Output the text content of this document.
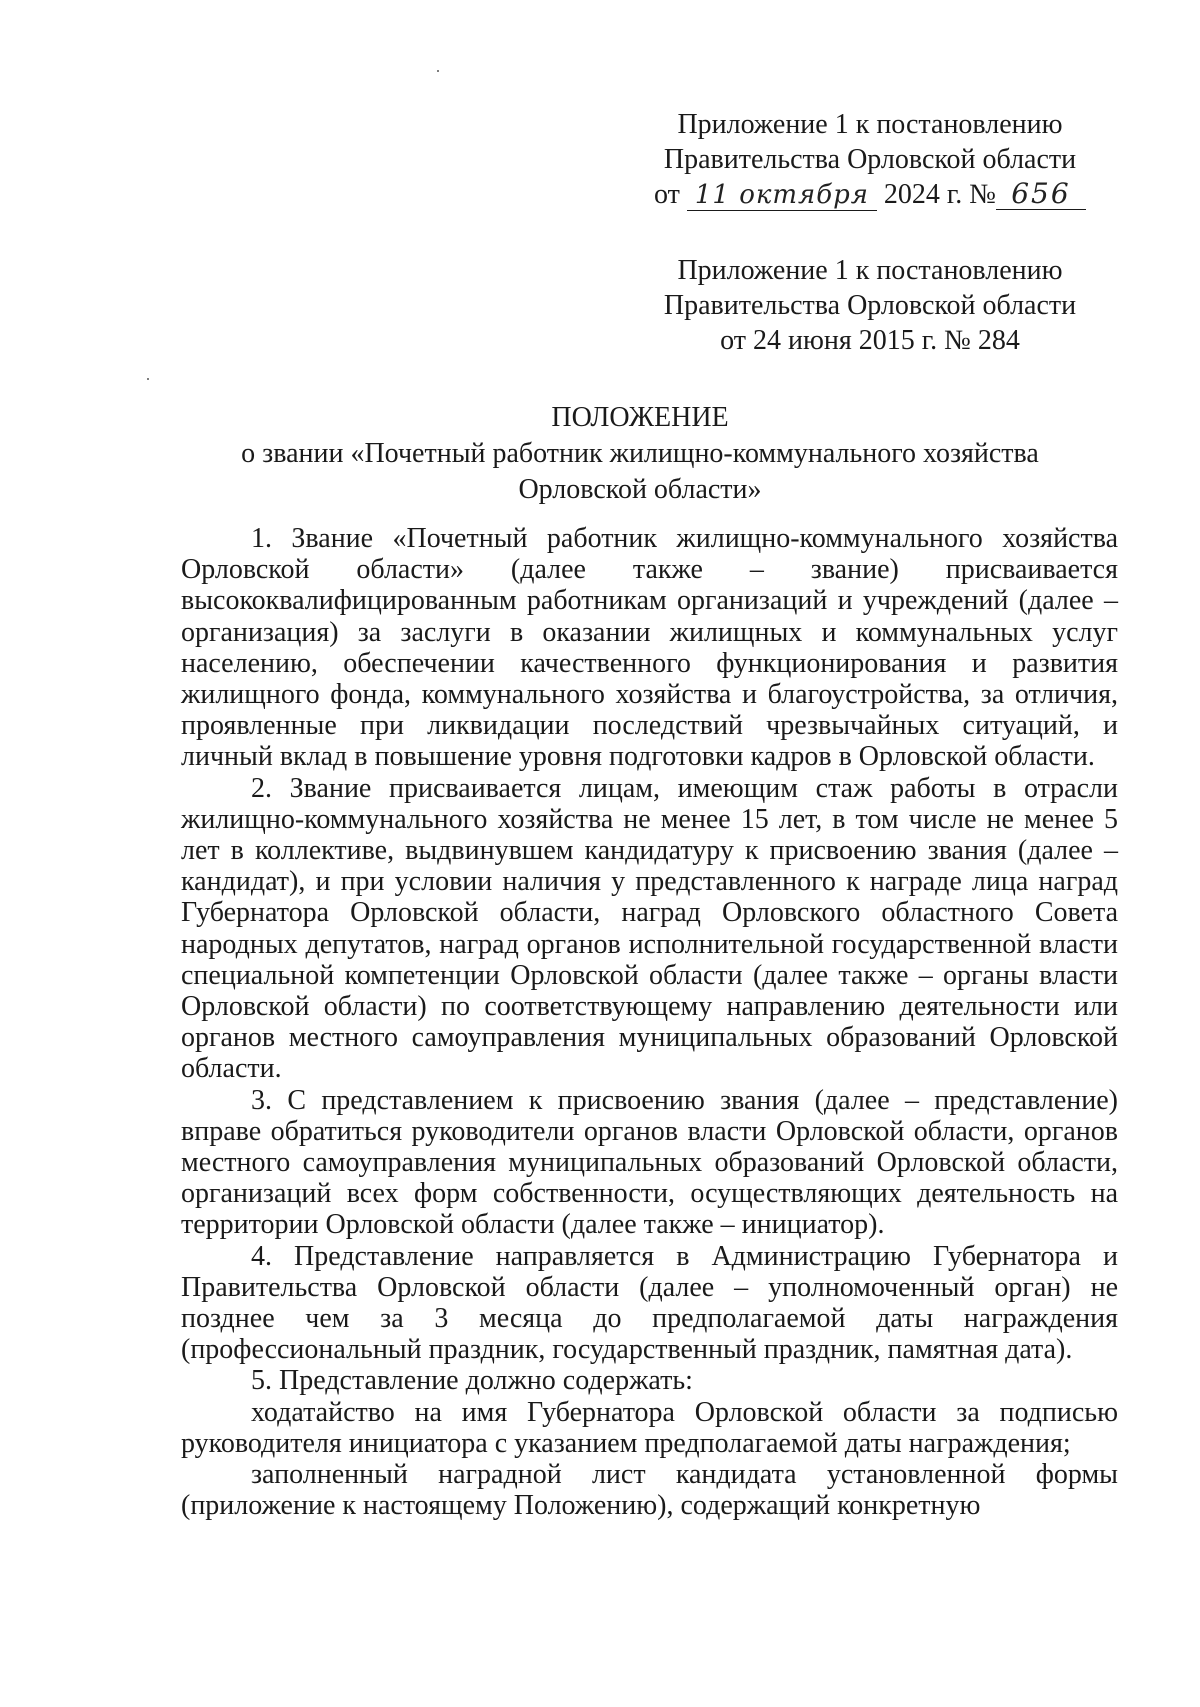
Приложение 1 к постановлению
Правительства Орловской области
от 11 октября 2024 г. № 656
Приложение 1 к постановлению
Правительства Орловской области
от 24 июня 2015 г. № 284
ПОЛОЖЕНИЕ
о звании «Почетный работник жилищно-коммунального хозяйства
Орловской области»

1. Звание «Почетный работник жилищно-коммунального хозяйства Орловской области» (далее также – звание) присваивается высококвалифицированным работникам организаций и учреждений (далее – организация) за заслуги в оказании жилищных и коммунальных услуг населению, обеспечении качественного функционирования и развития жилищного фонда, коммунального хозяйства и благоустройства, за отличия, проявленные при ликвидации последствий чрезвычайных ситуаций, и личный вклад в повышение уровня подготовки кадров в Орловской области.

2. Звание присваивается лицам, имеющим стаж работы в отрасли жилищно-коммунального хозяйства не менее 15 лет, в том числе не менее 5 лет в коллективе, выдвинувшем кандидатуру к присвоению звания (далее – кандидат), и при условии наличия у представленного к награде лица наград Губернатора Орловской области, наград Орловского областного Совета народных депутатов, наград органов исполнительной государственной власти специальной компетенции Орловской области (далее также – органы власти Орловской области) по соответствующему направлению деятельности или органов местного самоуправления муниципальных образований Орловской области.

3. С представлением к присвоению звания (далее – представление) вправе обратиться руководители органов власти Орловской области, органов местного самоуправления муниципальных образований Орловской области, организаций всех форм собственности, осуществляющих деятельность на территории Орловской области (далее также – инициатор).

4. Представление направляется в Администрацию Губернатора и Правительства Орловской области (далее – уполномоченный орган) не позднее чем за 3 месяца до предполагаемой даты награждения (профессиональный праздник, государственный праздник, памятная дата).

5. Представление должно содержать:

ходатайство на имя Губернатора Орловской области за подписью руководителя инициатора с указанием предполагаемой даты награждения;

заполненный наградной лист кандидата установленной формы (приложение к настоящему Положению), содержащий конкретную
